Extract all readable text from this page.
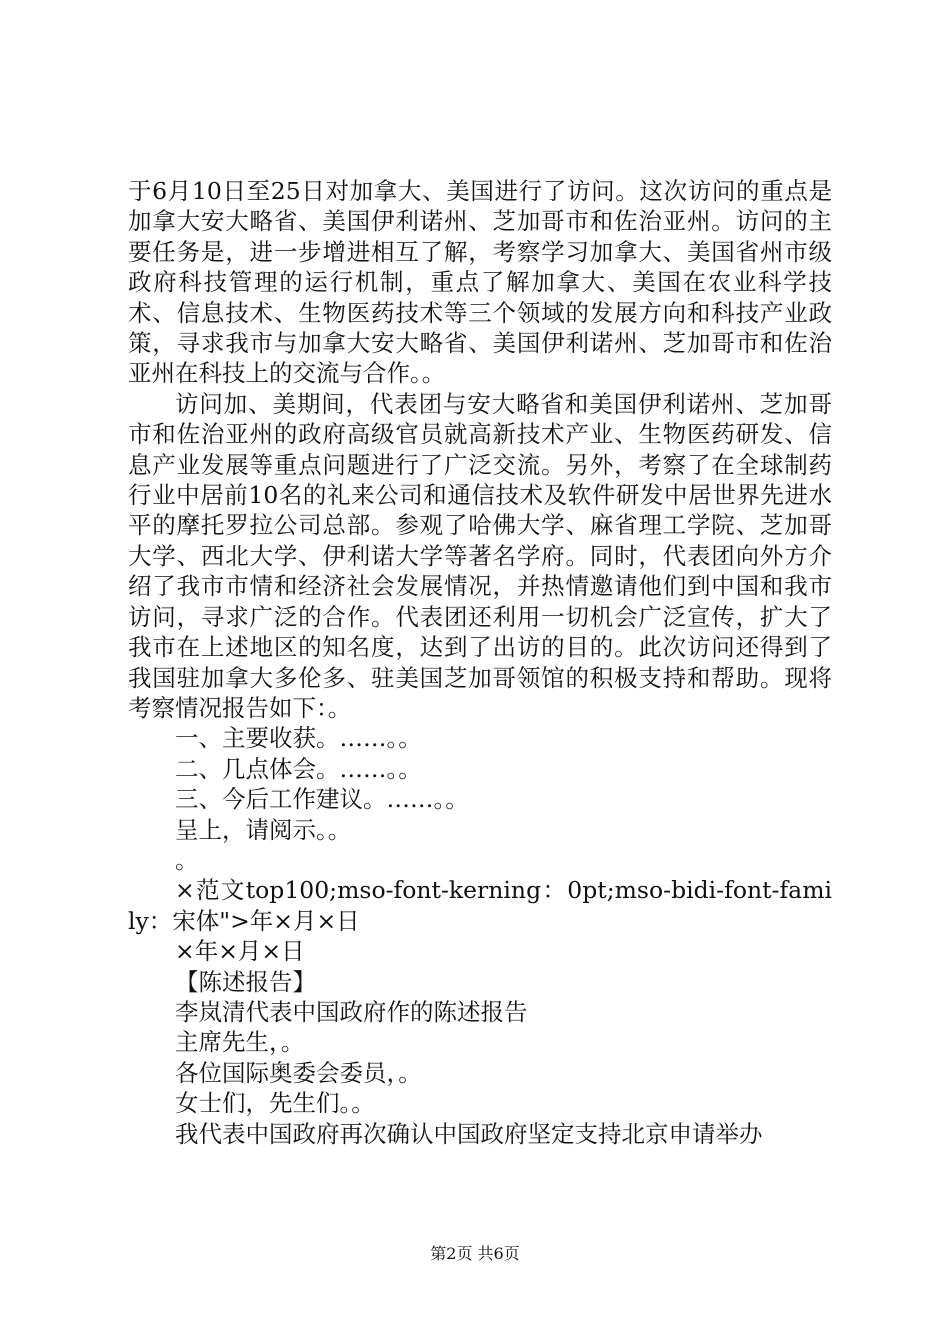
于6月10日至25日对加拿大、美国进行了访问。这次访问的重点是加拿大安大略省、美国伊利诺州、芝加哥市和佐治亚州。访问的主要任务是，进一步增进相互了解，考察学习加拿大、美国省州市级政府科技管理的运行机制，重点了解加拿大、美国在农业科学技术、信息技术、生物医药技术等三个领域的发展方向和科技产业政策，寻求我市与加拿大安大略省、美国伊利诺州、芝加哥市和佐治亚州在科技上的交流与合作。。

访问加、美期间，代表团与安大略省和美国伊利诺州、芝加哥市和佐治亚州的政府高级官员就高新技术产业、生物医药研发、信息产业发展等重点问题进行了广泛交流。另外，考察了在全球制药行业中居前10名的礼来公司和通信技术及软件研发中居世界先进水平的摩托罗拉公司总部。参观了哈佛大学、麻省理工学院、芝加哥大学、西北大学、伊利诺大学等著名学府。同时，代表团向外方介绍了我市市情和经济社会发展情况，并热情邀请他们到中国和我市访问，寻求广泛的合作。代表团还利用一切机会广泛宣传，扩大了我市在上述地区的知名度，达到了出访的目的。此次访问还得到了我国驻加拿大多伦多、驻美国芝加哥领馆的积极支持和帮助。现将考察情况报告如下：。

一、主要收获。……。。

二、几点体会。……。。

三、今后工作建议。……。。

呈上，请阅示。。

。

×范文top100;mso-font-kerning：0pt;mso-bidi-font-family：宋体">年×月×日

×年×月×日

【陈述报告】

李岚清代表中国政府作的陈述报告

主席先生，。

各位国际奥委会委员，。

女士们，先生们。。

我代表中国政府再次确认中国政府坚定支持北京申请举办

第2页 共6页
